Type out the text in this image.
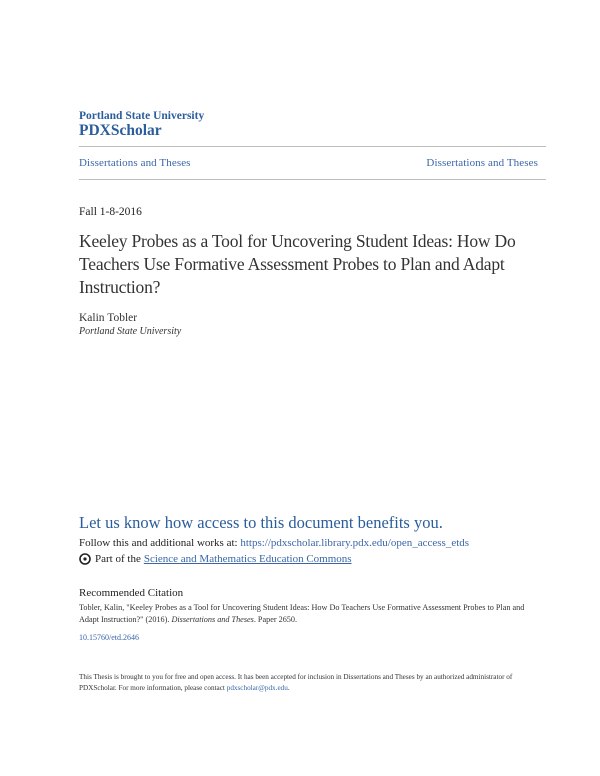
Portland State University
PDXScholar
Dissertations and Theses	Dissertations and Theses
Fall 1-8-2016
Keeley Probes as a Tool for Uncovering Student Ideas: How Do Teachers Use Formative Assessment Probes to Plan and Adapt Instruction?
Kalin Tobler
Portland State University
Let us know how access to this document benefits you.
Follow this and additional works at: https://pdxscholar.library.pdx.edu/open_access_etds
Part of the Science and Mathematics Education Commons
Recommended Citation
Tobler, Kalin, "Keeley Probes as a Tool for Uncovering Student Ideas: How Do Teachers Use Formative Assessment Probes to Plan and Adapt Instruction?" (2016). Dissertations and Theses. Paper 2650.
10.15760/etd.2646
This Thesis is brought to you for free and open access. It has been accepted for inclusion in Dissertations and Theses by an authorized administrator of PDXScholar. For more information, please contact pdxscholar@pdx.edu.
